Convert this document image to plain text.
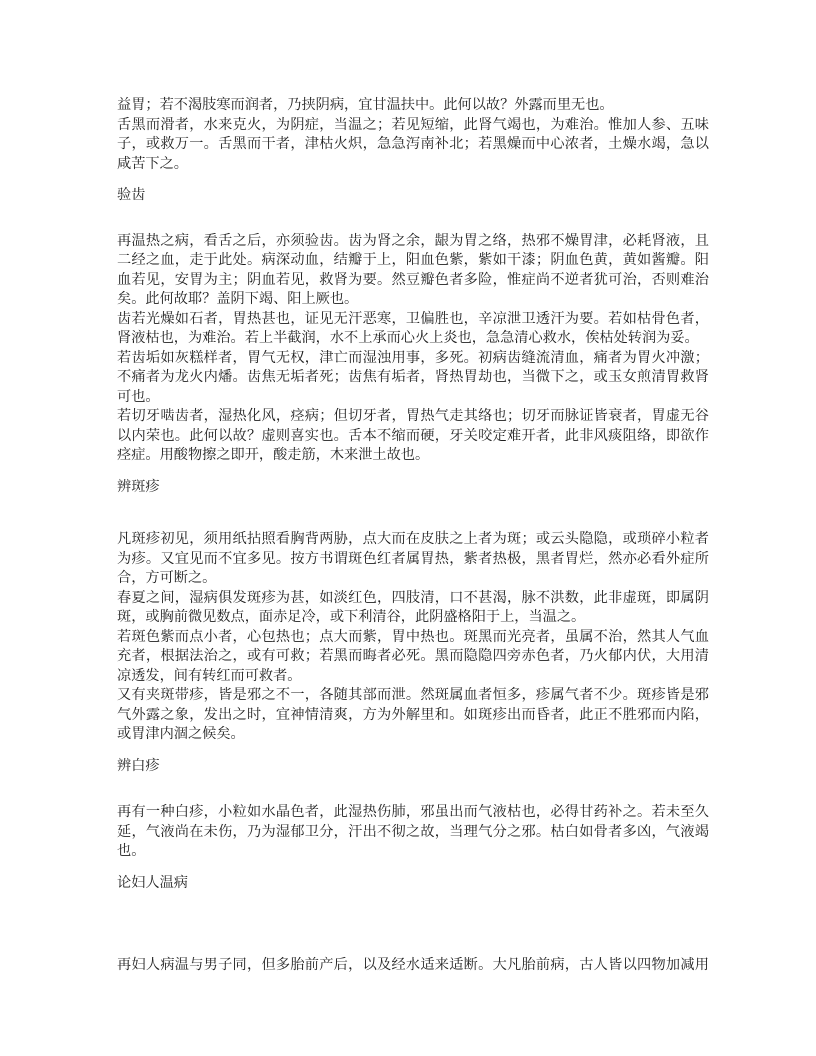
益胃；若不渴肢寒而润者，乃挟阴病，宜甘温扶中。此何以故？外露而里无也。
舌黑而滑者，水来克火，为阴症，当温之；若见短缩，此肾气竭也，为难治。惟加人参、五味
子，或救万一。舌黑而干者，津枯火炽，急急泻南补北；若黑燥而中心浓者，土燥水竭，急以
咸苦下之。
验齿
再温热之病，看舌之后，亦须验齿。齿为肾之余，龈为胃之络，热邪不燥胃津，必耗肾液，且
二经之血，走于此处。病深动血，结瓣于上，阳血色紫，紫如干漆；阴血色黄，黄如酱瓣。阳
血若见，安胃为主；阴血若见，救肾为要。然豆瓣色者多险，惟症尚不逆者犹可治，否则难治
矣。此何故耶？盖阴下竭、阳上厥也。
齿若光燥如石者，胃热甚也，证见无汗恶寒，卫偏胜也，辛凉泄卫透汗为要。若如枯骨色者，
肾液枯也，为难治。若上半截润，水不上承而心火上炎也，急急清心救水，俟枯处转润为妥。
若齿垢如灰糕样者，胃气无权，津亡而湿浊用事，多死。初病齿缝流清血，痛者为胃火冲激；
不痛者为龙火内燔。齿焦无垢者死；齿焦有垢者，肾热胃劫也，当微下之，或玉女煎清胃救肾
可也。
若切牙啮齿者，湿热化风，痉病；但切牙者，胃热气走其络也；切牙而脉证皆衰者，胃虚无谷
以内荣也。此何以故？虚则喜实也。舌本不缩而硬，牙关咬定难开者，此非风痰阻络，即欲作
痉症。用酸物擦之即开，酸走筋，木来泄土故也。
辨斑疹
凡斑疹初见，须用纸拈照看胸背两胁，点大而在皮肤之上者为斑；或云头隐隐，或琐碎小粒者
为疹。又宜见而不宜多见。按方书谓斑色红者属胃热，紫者热极，黑者胃烂，然亦必看外症所
合，方可断之。
春夏之间，湿病俱发斑疹为甚，如淡红色，四肢清，口不甚渴，脉不洪数，此非虚斑，即属阴
斑，或胸前微见数点，面赤足冷，或下利清谷，此阴盛格阳于上，当温之。
若斑色紫而点小者，心包热也；点大而紫，胃中热也。斑黑而光亮者，虽属不治，然其人气血
充者，根据法治之，或有可救；若黑而晦者必死。黑而隐隐四旁赤色者，乃火郁内伏，大用清
凉透发，间有转红而可救者。
又有夹斑带疹，皆是邪之不一，各随其部而泄。然斑属血者恒多，疹属气者不少。斑疹皆是邪
气外露之象，发出之时，宜神情清爽，方为外解里和。如斑疹出而昏者，此正不胜邪而内陷，
或胃津内涸之候矣。
辨白疹
再有一种白疹，小粒如水晶色者，此湿热伤肺，邪虽出而气液枯也，必得甘药补之。若未至久
延，气液尚在未伤，乃为湿郁卫分，汗出不彻之故，当理气分之邪。枯白如骨者多凶，气液竭
也。
论妇人温病
再妇人病温与男子同，但多胎前产后，以及经水适来适断。大凡胎前病，古人皆以四物加减用
